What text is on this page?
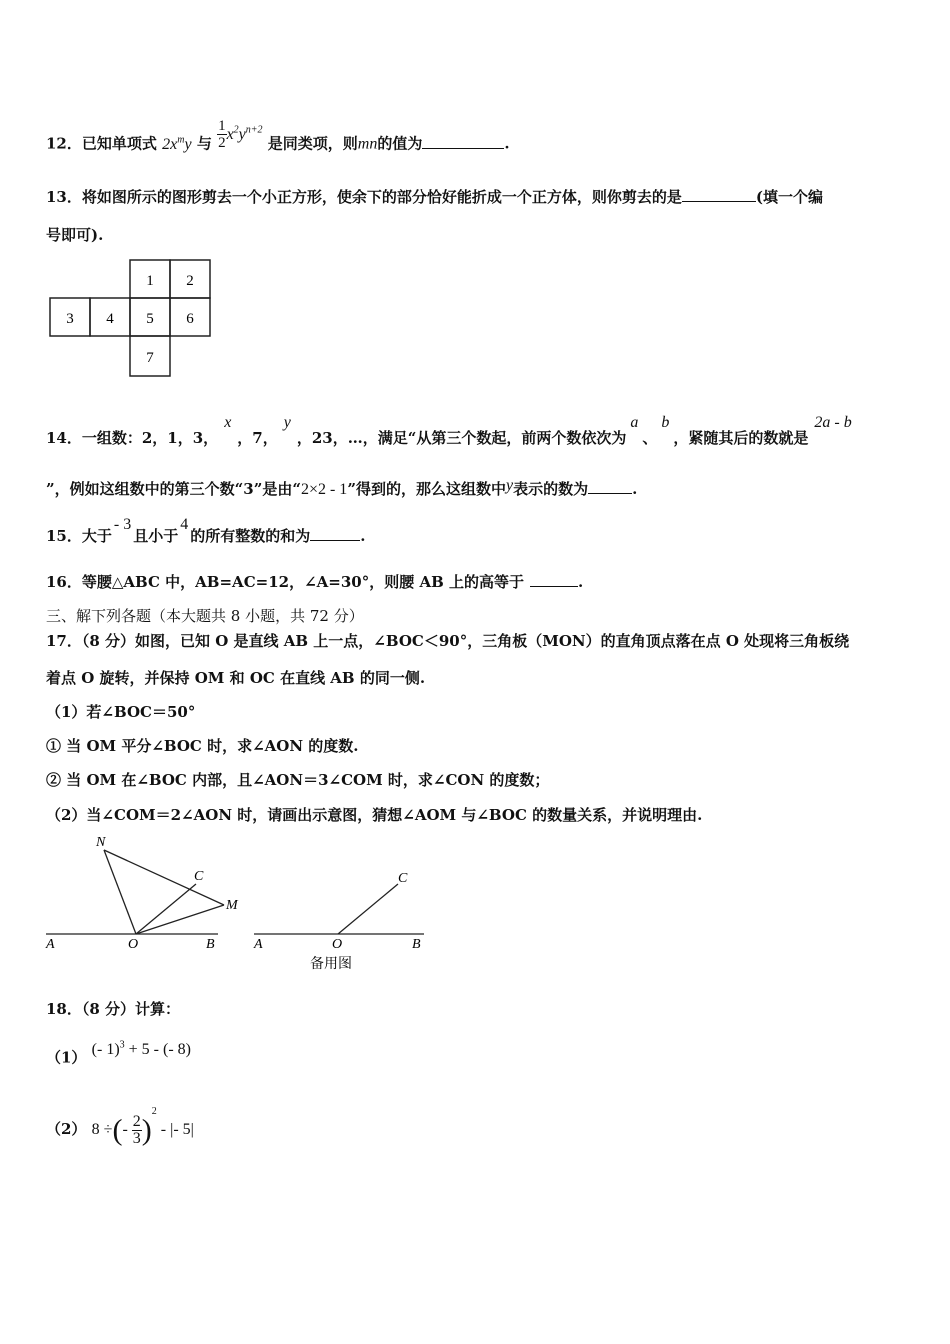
12．已知单项式 $2x^my$ 与 $\frac{1}{2} x^2y^{n+2}$ 是同类项，则mn的值为	.
13．将如图所示的图形剪去一个小正方形，使余下的部分恰好能折成一个正方体，则你剪去的是	(填一个编
号即可).
1 2
3 4 5 6
7
14．一组数：2，1，3，x，7，y，23，…，满足“从第三个数起，前两个数依次为a、b，紧随其后的数就是2a - b
”，例如这组数中的第三个数“3”是由“2×2 - 1”得到的，那么这组数中y表示的数为	.
15．大于- 3且小于4的所有整数的和为	.
16．等腰△ABC 中，AB=AC=12，∠A=30°，则腰 AB 上的高等于	.
三、解下列各题（本大题共 8 小题，共 72 分）
17．（8 分）如图，已知 O 是直线 AB 上一点，∠BOC＜90°，三角板（MON）的直角顶点落在点 O 处现将三角板绕
着点 O 旋转，并保持 OM 和 OC 在直线 AB 的同一侧.
（1）若∠BOC＝50°
① 当 OM 平分∠BOC 时，求∠AON 的度数.
② 当 OM 在∠BOC 内部，且∠AON＝3∠COM 时，求∠CON 的度数；
（2）当∠COM＝2∠AON 时，请画出示意图，猜想∠AOM 与∠BOC 的数量关系，并说明理由.
N
C
M
A	O	B
C
A	O	B
备用图
18．（8 分）计算：
（1） (- 1)$^3$ + 5 - (- 8)
（2） 8 ÷(- $\frac{2}{3} )^2$ - |- 5|
